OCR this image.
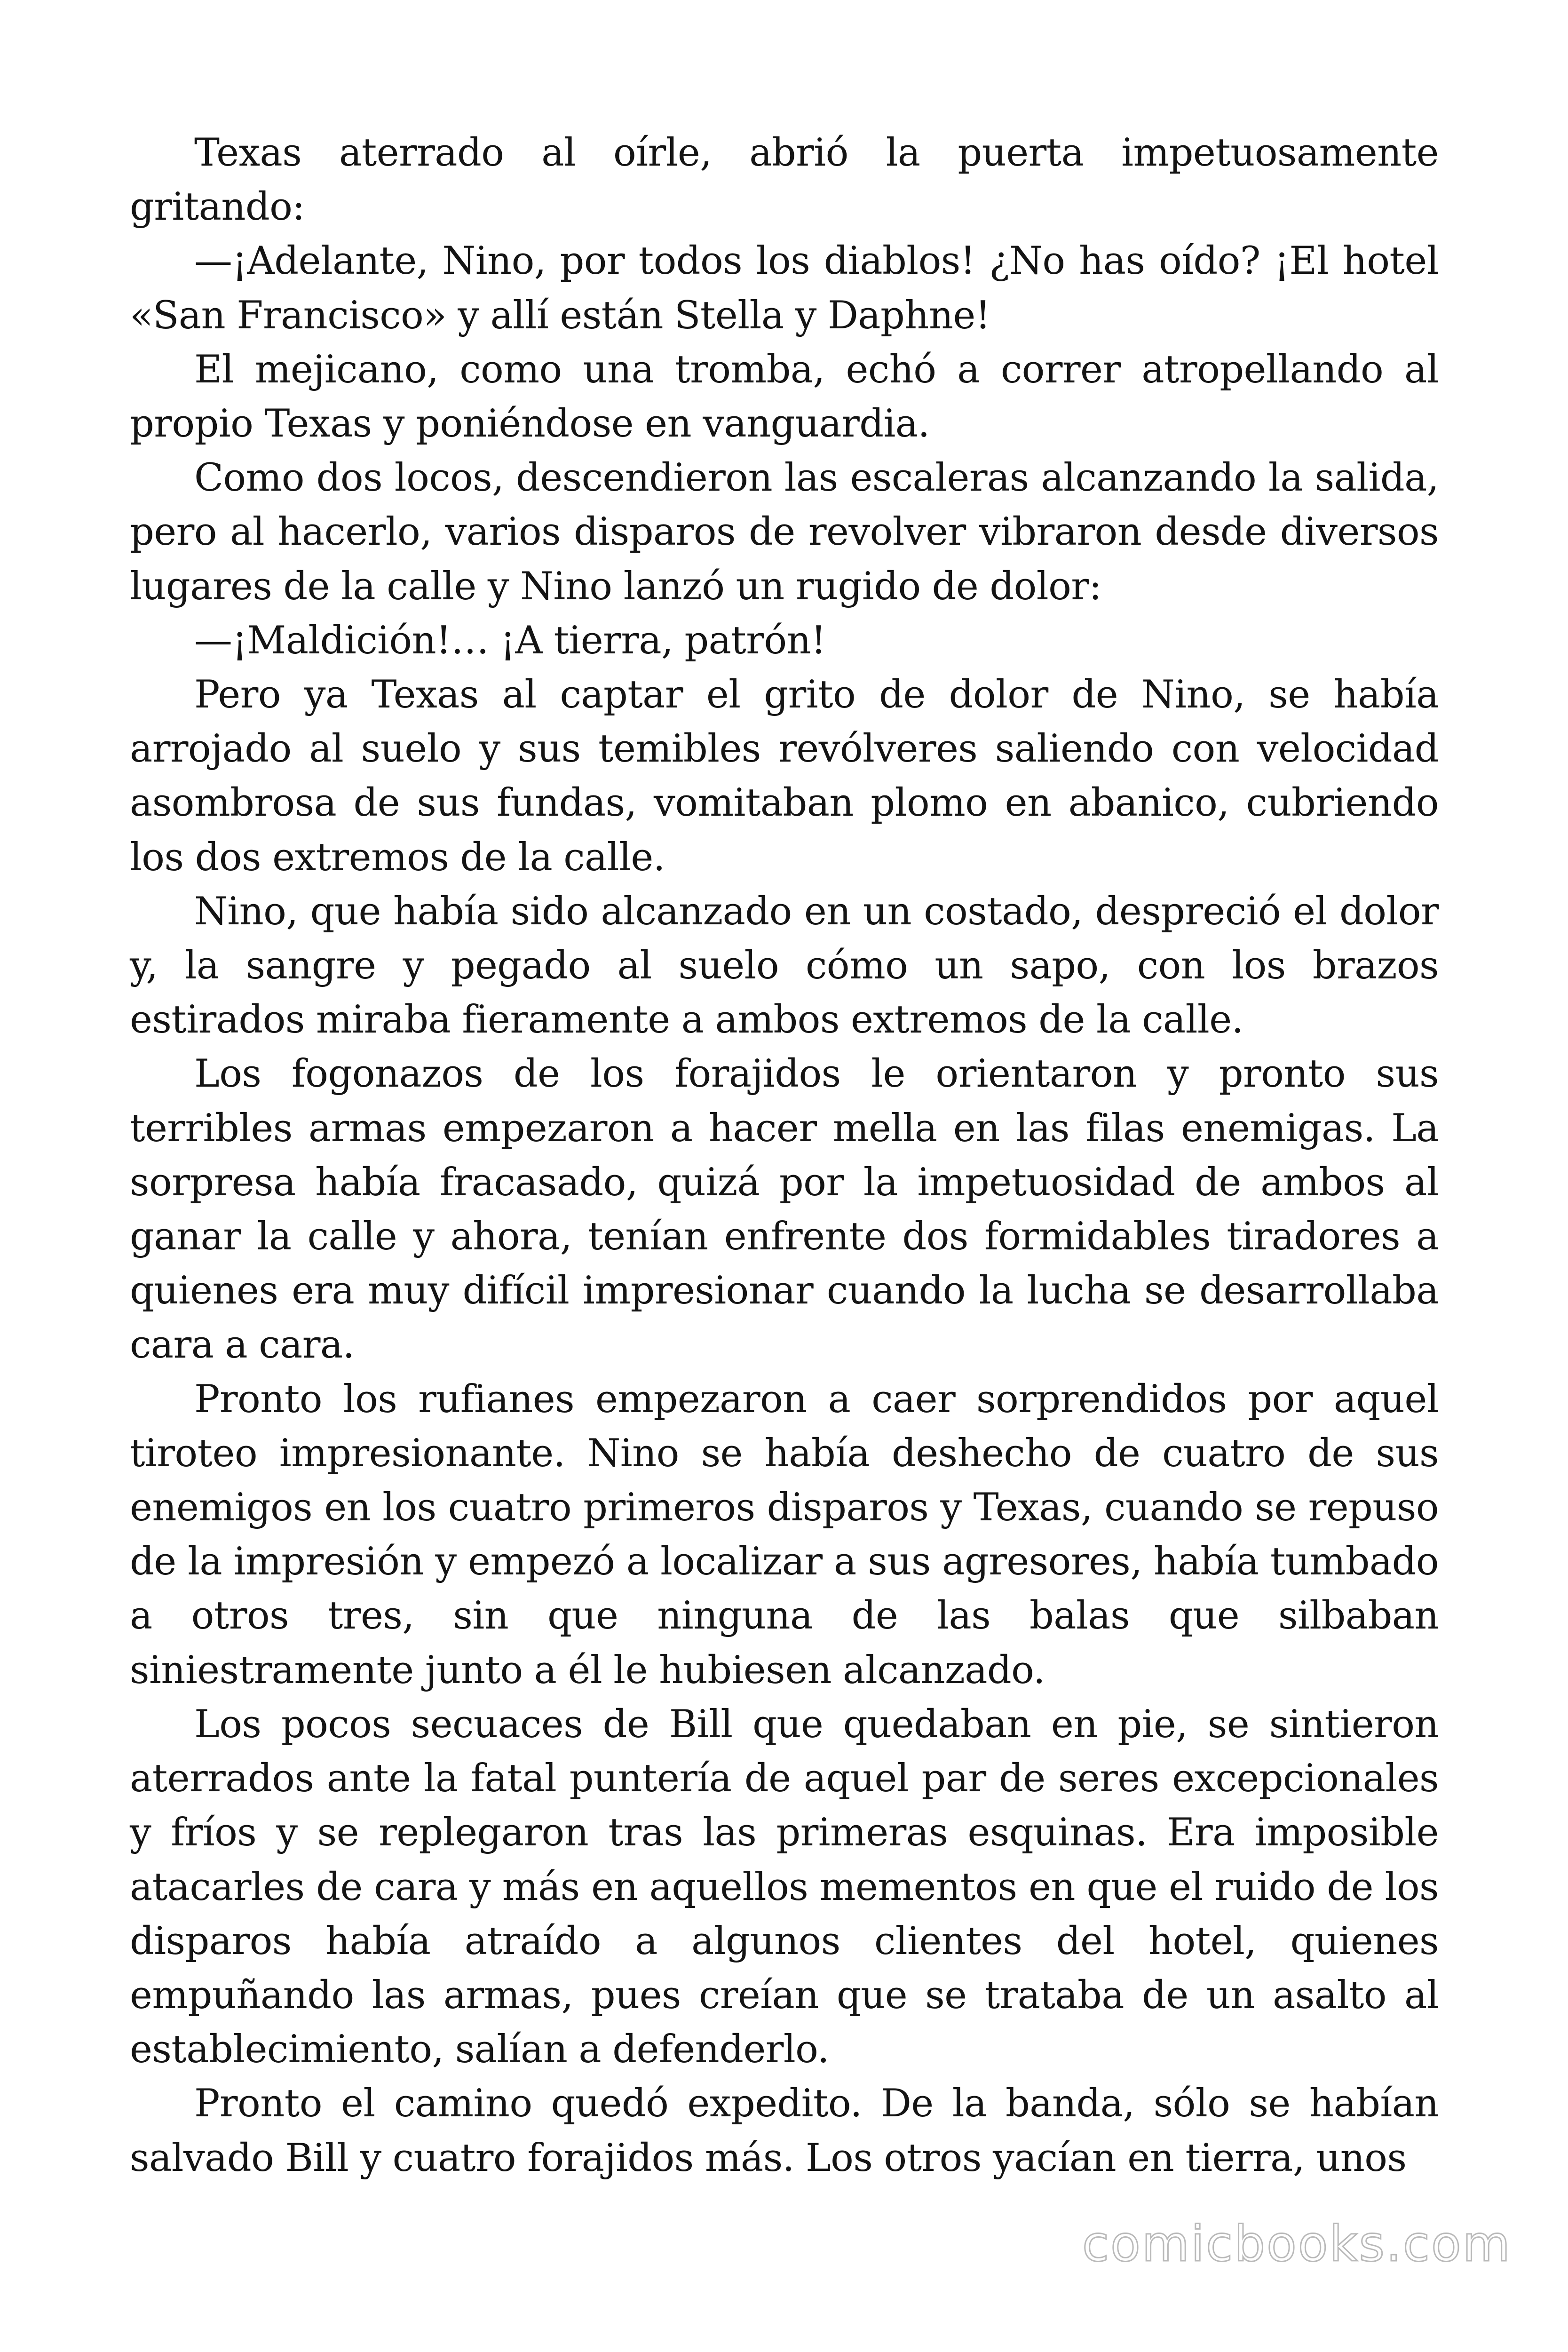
Texas aterrado al oírle, abrió la puerta impetuosamente gritando:

—¡Adelante, Nino, por todos los diablos! ¿No has oído? ¡El hotel «San Francisco» y allí están Stella y Daphne!

El mejicano, como una tromba, echó a correr atropellando al propio Texas y poniéndose en vanguardia.

Como dos locos, descendieron las escaleras alcanzando la salida, pero al hacerlo, varios disparos de revolver vibraron desde diversos lugares de la calle y Nino lanzó un rugido de dolor:

—¡Maldición!… ¡A tierra, patrón!

Pero ya Texas al captar el grito de dolor de Nino, se había arrojado al suelo y sus temibles revólveres saliendo con velocidad asombrosa de sus fundas, vomitaban plomo en abanico, cubriendo los dos extremos de la calle.

Nino, que había sido alcanzado en un costado, despreció el dolor y, la sangre y pegado al suelo cómo un sapo, con los brazos estirados miraba fieramente a ambos extremos de la calle.

Los fogonazos de los forajidos le orientaron y pronto sus terribles armas empezaron a hacer mella en las filas enemigas. La sorpresa había fracasado, quizá por la impetuosidad de ambos al ganar la calle y ahora, tenían enfrente dos formidables tiradores a quienes era muy difícil impresionar cuando la lucha se desarrollaba cara a cara.

Pronto los rufianes empezaron a caer sorprendidos por aquel tiroteo impresionante. Nino se había deshecho de cuatro de sus enemigos en los cuatro primeros disparos y Texas, cuando se repuso de la impresión y empezó a localizar a sus agresores, había tumbado a otros tres, sin que ninguna de las balas que silbaban siniestramente junto a él le hubiesen alcanzado.

Los pocos secuaces de Bill que quedaban en pie, se sintieron aterrados ante la fatal puntería de aquel par de seres excepcionales y fríos y se replegaron tras las primeras esquinas. Era imposible atacarles de cara y más en aquellos mementos en que el ruido de los disparos había atraído a algunos clientes del hotel, quienes empuñando las armas, pues creían que se trataba de un asalto al establecimiento, salían a defenderlo.

Pronto el camino quedó expedito. De la banda, sólo se habían salvado Bill y cuatro forajidos más. Los otros yacían en tierra, unos

comicbooks.com
